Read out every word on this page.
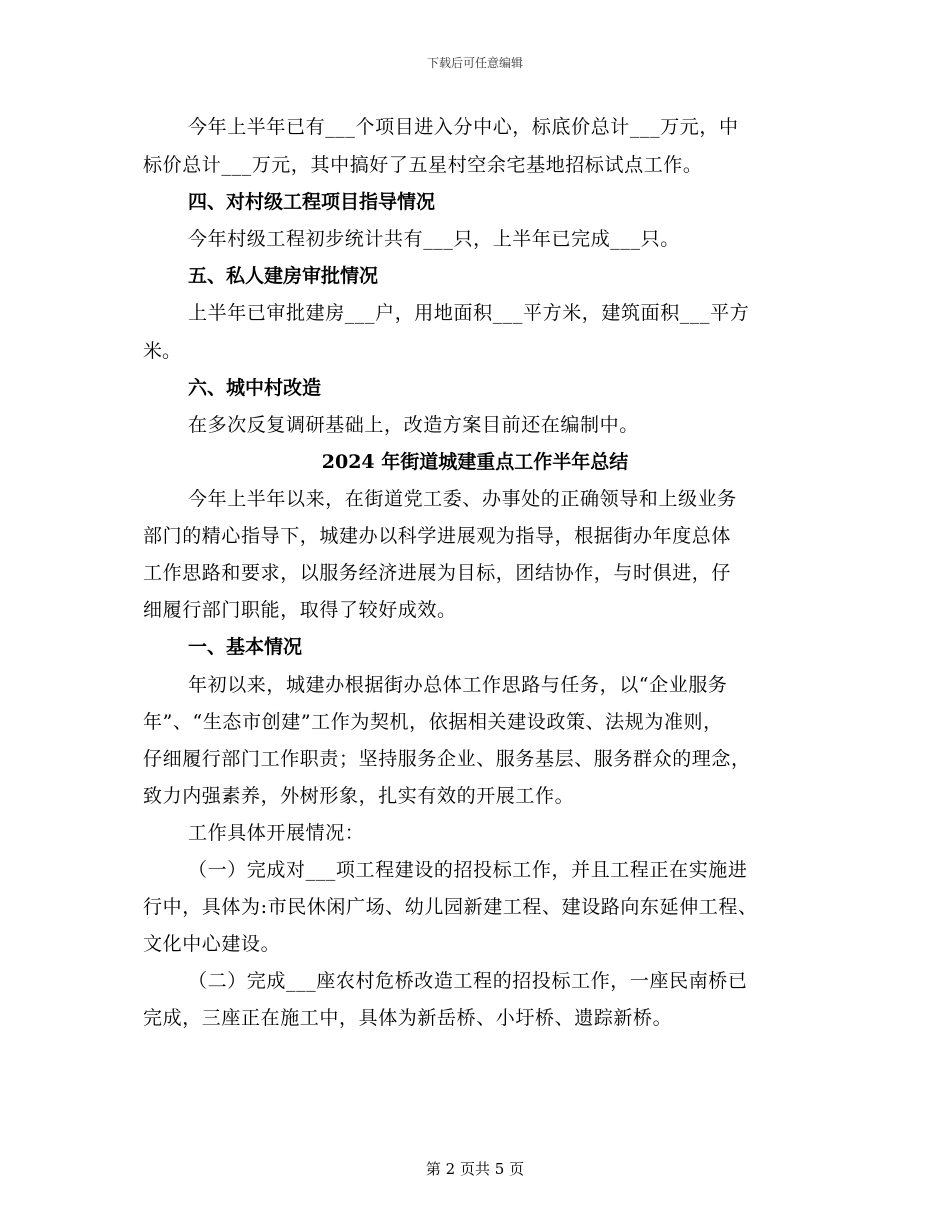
下载后可任意编辑
今年上半年已有___个项目进入分中心，标底价总计___万元，中
标价总计___万元，其中搞好了五星村空余宅基地招标试点工作。
四、对村级工程项目指导情况
今年村级工程初步统计共有___只，上半年已完成___只。
五、私人建房审批情况
上半年已审批建房___户，用地面积___平方米，建筑面积___平方
米。
六、城中村改造
在多次反复调研基础上，改造方案目前还在编制中。
2024 年街道城建重点工作半年总结
今年上半年以来，在街道党工委、办事处的正确领导和上级业务
部门的精心指导下，城建办以科学进展观为指导，根据街办年度总体
工作思路和要求，以服务经济进展为目标，团结协作，与时俱进，仔
细履行部门职能，取得了较好成效。
一、基本情况
年初以来，城建办根据街办总体工作思路与任务，以“企业服务
年”、“生态市创建”工作为契机，依据相关建设政策、法规为准则，
仔细履行部门工作职责；坚持服务企业、服务基层、服务群众的理念，
致力内强素养，外树形象，扎实有效的开展工作。
工作具体开展情况：
（一）完成对___项工程建设的招投标工作，并且工程正在实施进
行中，具体为:市民休闲广场、幼儿园新建工程、建设路向东延伸工程、
文化中心建设。
（二）完成___座农村危桥改造工程的招投标工作，一座民南桥已
完成，三座正在施工中，具体为新岳桥、小圩桥、遗踪新桥。
第 2 页共 5 页
